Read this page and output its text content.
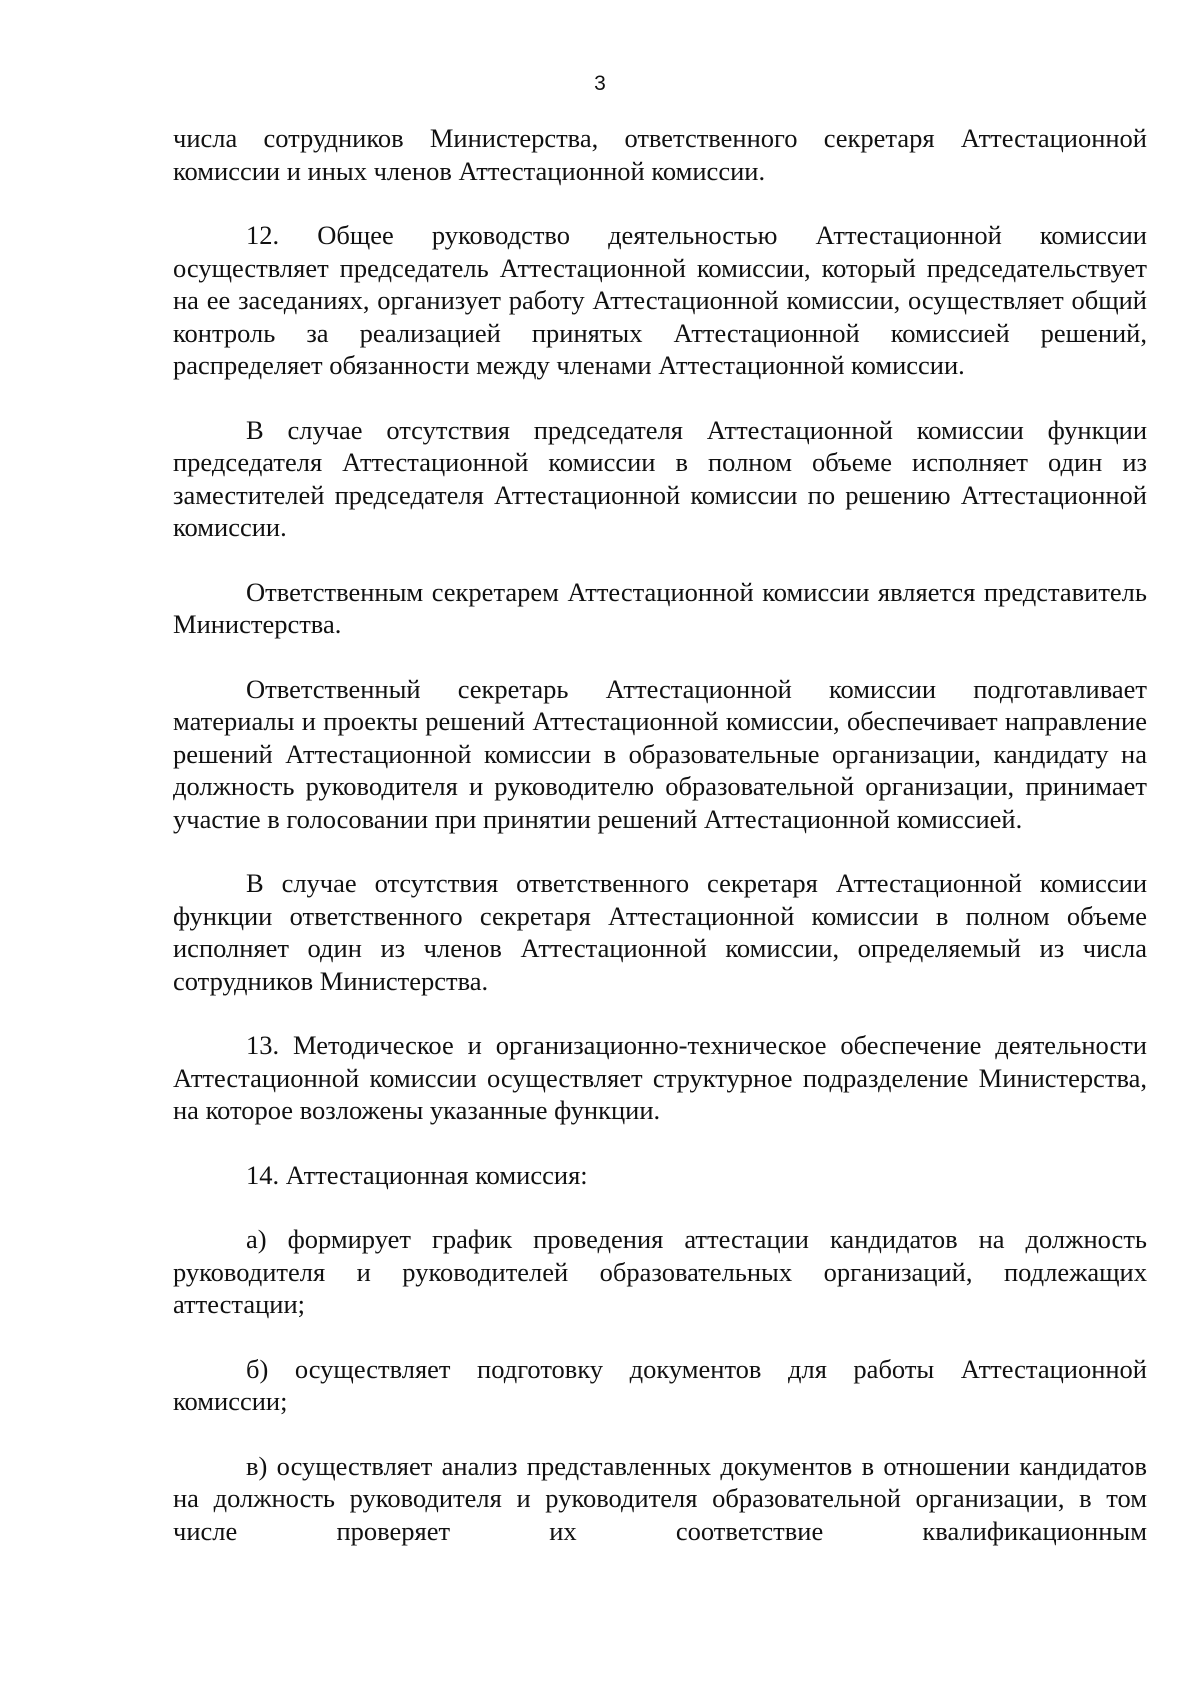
3

числа сотрудников Министерства, ответственного секретаря Аттестационной комиссии и иных членов Аттестационной комиссии.

12. Общее руководство деятельностью Аттестационной комиссии осуществляет председатель Аттестационной комиссии, который председательствует на ее заседаниях, организует работу Аттестационной комиссии, осуществляет общий контроль за реализацией принятых Аттестационной комиссией решений, распределяет обязанности между членами Аттестационной комиссии.

В случае отсутствия председателя Аттестационной комиссии функции председателя Аттестационной комиссии в полном объеме исполняет один из заместителей председателя Аттестационной комиссии по решению Аттестационной комиссии.

Ответственным секретарем Аттестационной комиссии является представитель Министерства.

Ответственный секретарь Аттестационной комиссии подготавливает материалы и проекты решений Аттестационной комиссии, обеспечивает направление решений Аттестационной комиссии в образовательные организации, кандидату на должность руководителя и руководителю образовательной организации, принимает участие в голосовании при принятии решений Аттестационной комиссией.

В случае отсутствия ответственного секретаря Аттестационной комиссии функции ответственного секретаря Аттестационной комиссии в полном объеме исполняет один из членов Аттестационной комиссии, определяемый из числа сотрудников Министерства.

13. Методическое и организационно-техническое обеспечение деятельности Аттестационной комиссии осуществляет структурное подразделение Министерства, на которое возложены указанные функции.

14. Аттестационная комиссия:

а) формирует график проведения аттестации кандидатов на должность руководителя и руководителей образовательных организаций, подлежащих аттестации;

б) осуществляет подготовку документов для работы Аттестационной комиссии;

в) осуществляет анализ представленных документов в отношении кандидатов на должность руководителя и руководителя образовательной организации, в том числе проверяет их соответствие квалификационным
